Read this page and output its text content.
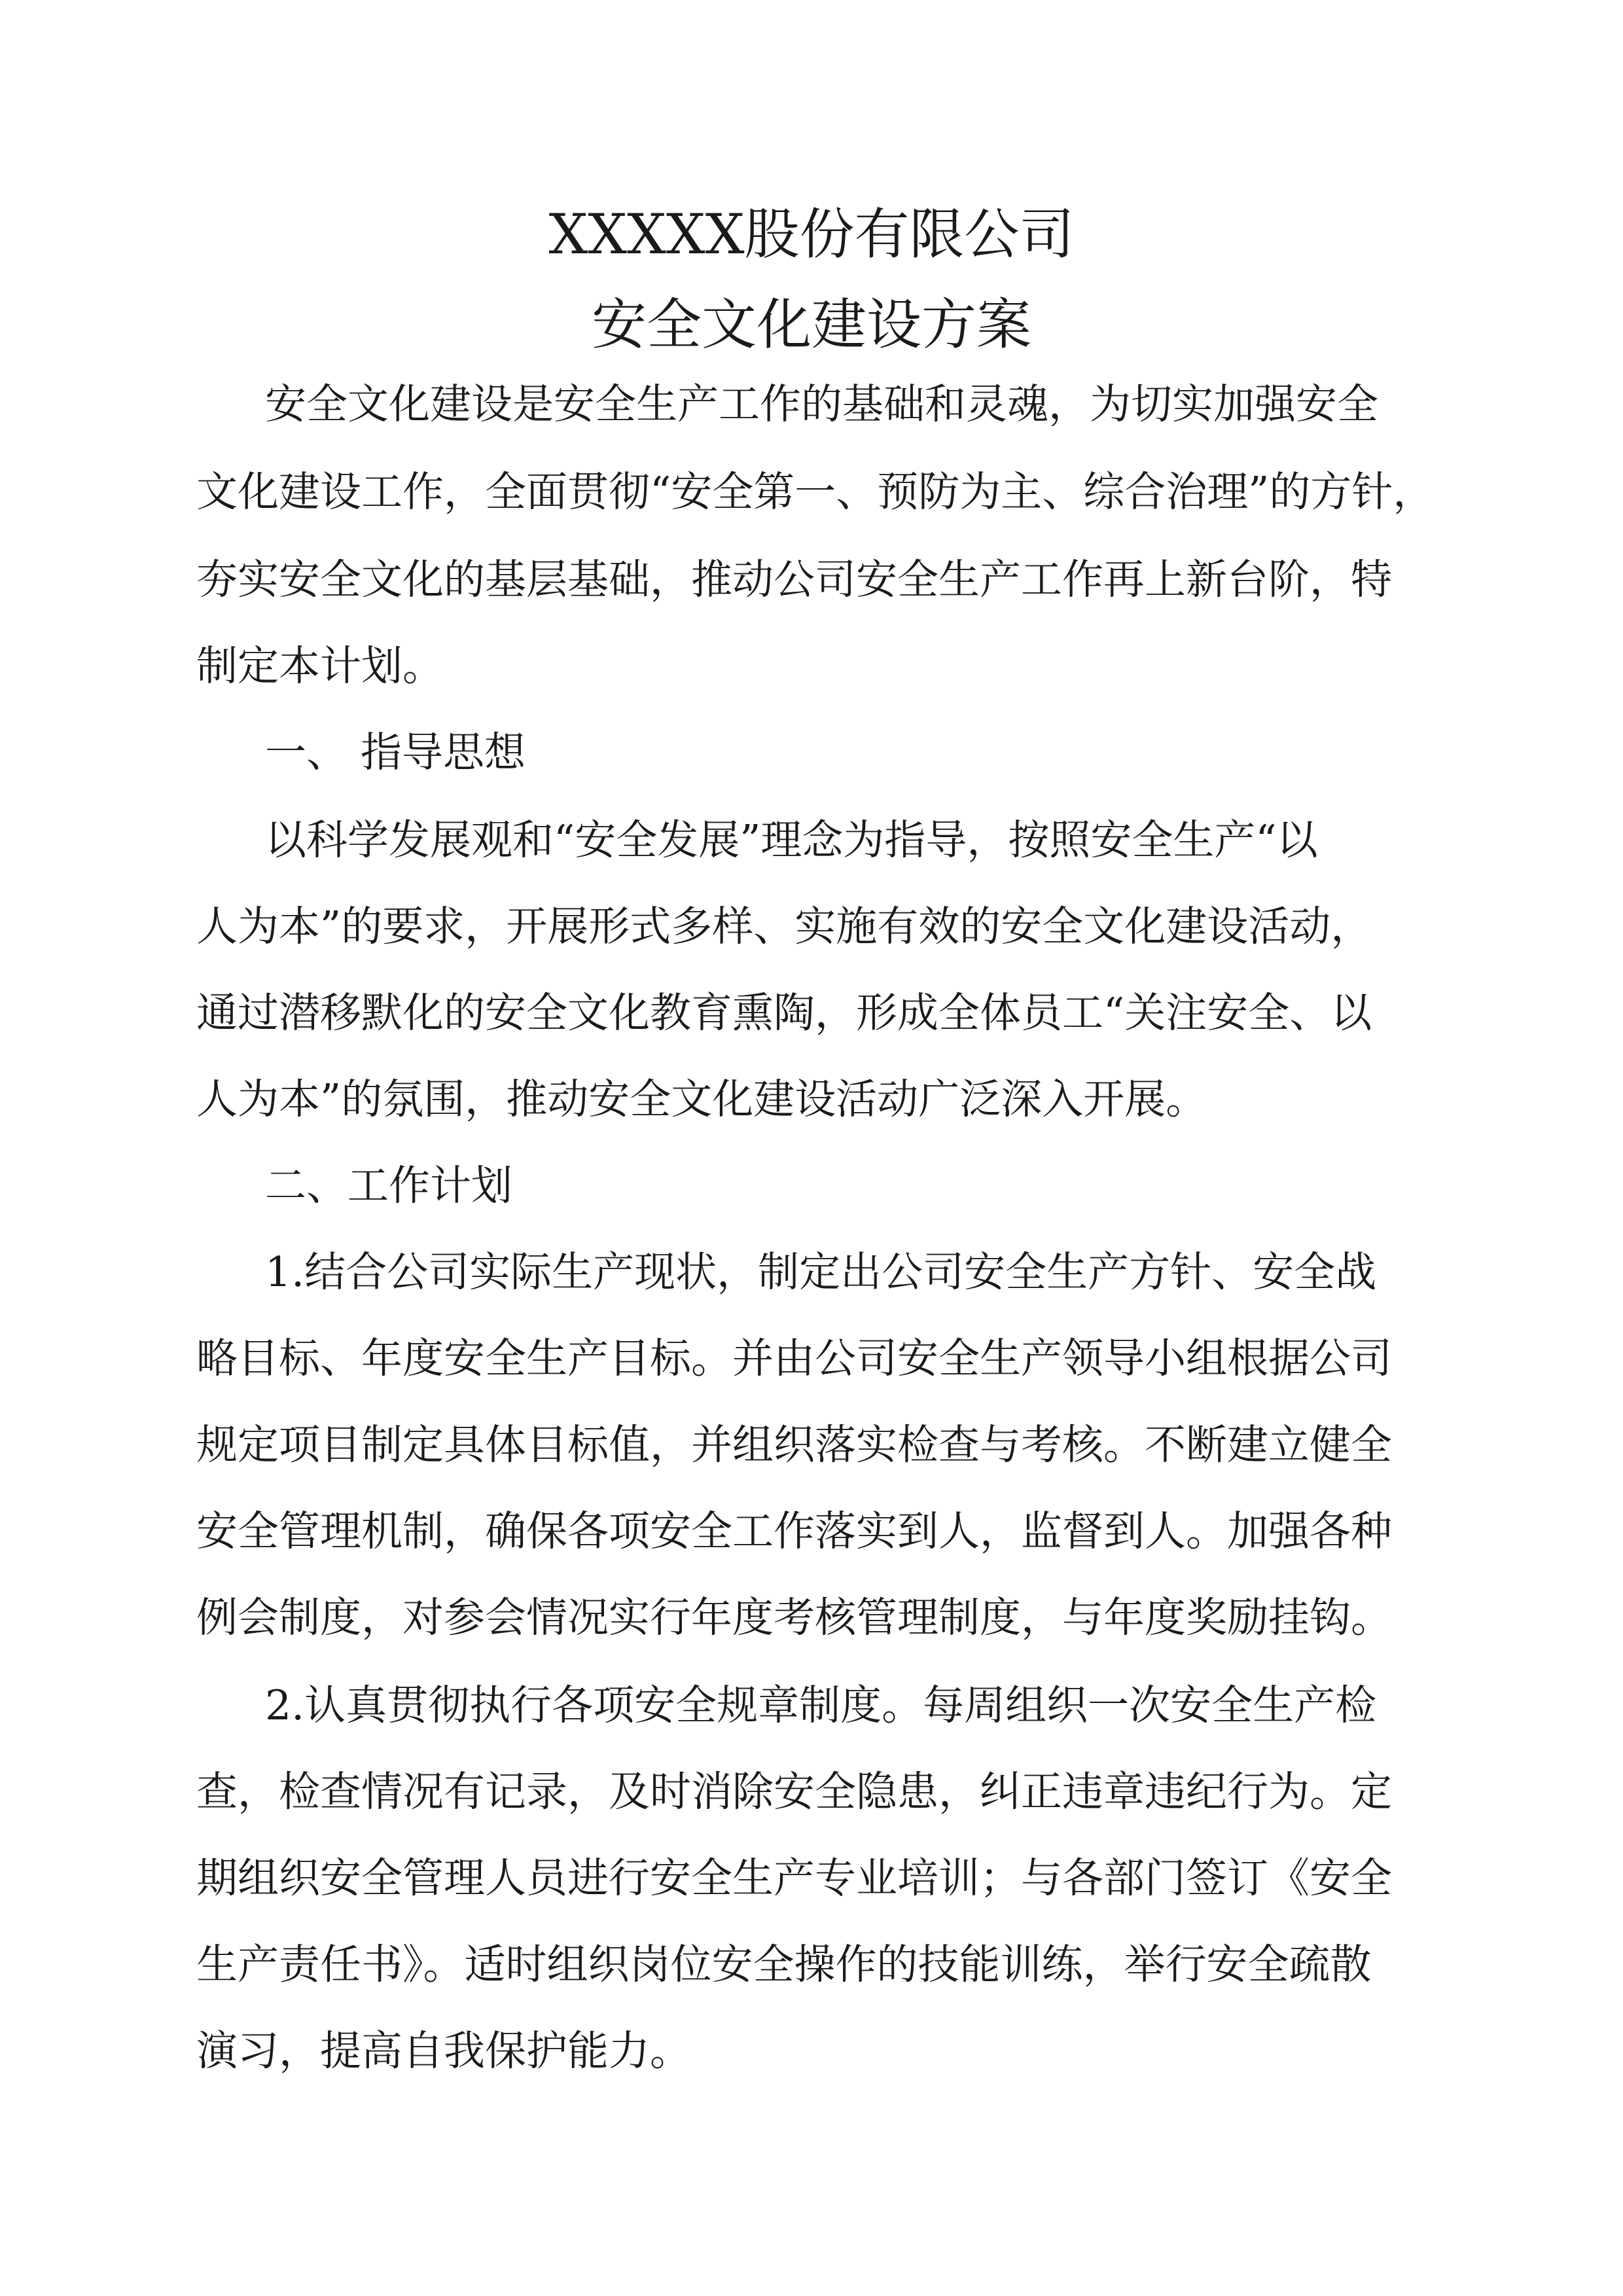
XXXXX股份有限公司
安全文化建设方案

安全文化建设是安全生产工作的基础和灵魂，为切实加强安全

文化建设工作，全面贯彻“安全第一、预防为主、综合治理”的方针，

夯实安全文化的基层基础，推动公司安全生产工作再上新台阶，特

制定本计划。

一、 指导思想

以科学发展观和“安全发展”理念为指导，按照安全生产“以

人为本”的要求，开展形式多样、实施有效的安全文化建设活动，

通过潜移默化的安全文化教育熏陶，形成全体员工“关注安全、以

人为本”的氛围，推动安全文化建设活动广泛深入开展。

二、工作计划

1.结合公司实际生产现状，制定出公司安全生产方针、安全战

略目标、年度安全生产目标。并由公司安全生产领导小组根据公司

规定项目制定具体目标值，并组织落实检查与考核。不断建立健全

安全管理机制，确保各项安全工作落实到人，监督到人。加强各种

例会制度，对参会情况实行年度考核管理制度，与年度奖励挂钩。

2.认真贯彻执行各项安全规章制度。每周组织一次安全生产检

查，检查情况有记录，及时消除安全隐患，纠正违章违纪行为。定

期组织安全管理人员进行安全生产专业培训；与各部门签订《安全

生产责任书》。适时组织岗位安全操作的技能训练，举行安全疏散

演习，提高自我保护能力。
